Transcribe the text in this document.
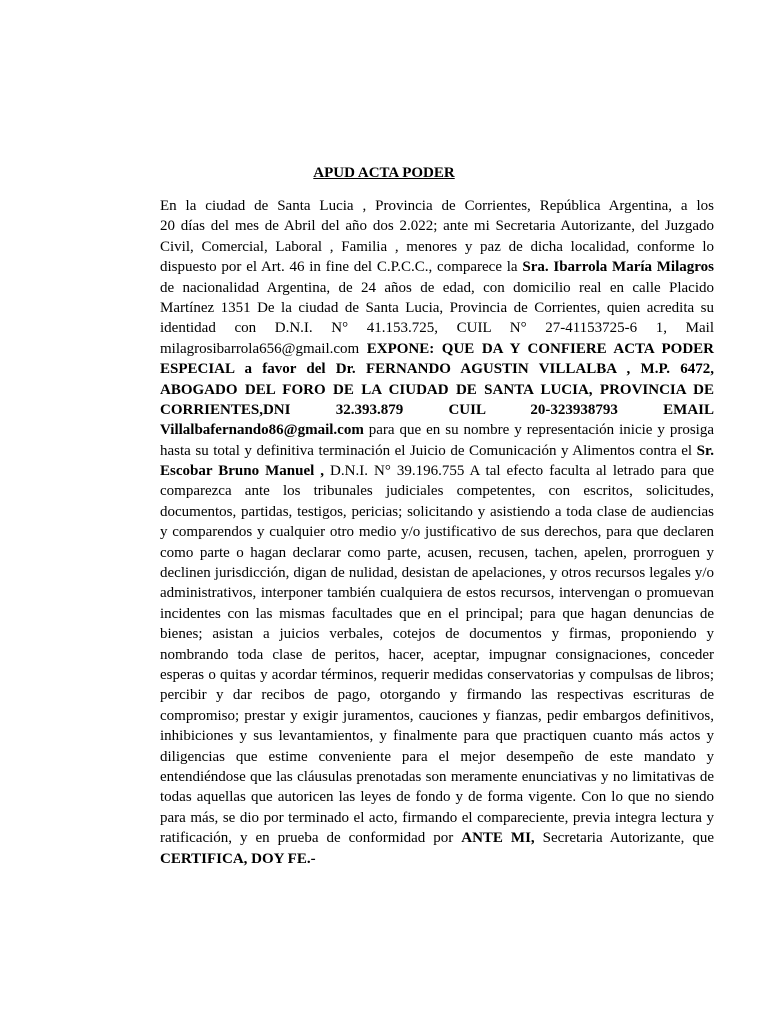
APUD ACTA PODER
En la ciudad de Santa Lucia , Provincia de Corrientes, República Argentina, a los
20 días del mes de Abril del año dos 2.022; ante mi Secretaria Autorizante, del Juzgado
Civil, Comercial, Laboral , Familia , menores y paz de dicha localidad, conforme lo
dispuesto por el Art. 46 in fine del C.P.C.C., comparece la Sra. Ibarrola María Milagros
de nacionalidad Argentina, de 24 años de edad, con domicilio real en calle Placido
Martínez 1351 De la ciudad de Santa Lucia, Provincia de Corrientes, quien acredita su
identidad con D.N.I. N° 41.153.725, CUIL N° 27-41153725-6 1, Mail
milagrosibarrola656@gmail.com EXPONE: QUE DA Y CONFIERE ACTA PODER
ESPECIAL a favor del Dr. FERNANDO AGUSTIN VILLALBA , M.P. 6472,
ABOGADO DEL FORO DE LA CIUDAD DE SANTA LUCIA, PROVINCIA DE
CORRIENTES,DNI 32.393.879 CUIL 20-323938793 EMAIL
Villalbafernando86@gmail.com para que en su nombre y representación inicie y prosiga
hasta su total y definitiva terminación el Juicio de Comunicación y Alimentos contra el Sr.
Escobar Bruno Manuel , D.N.I. N° 39.196.755 A tal efecto faculta al letrado para que
comparezca ante los tribunales judiciales competentes, con escritos, solicitudes,
documentos, partidas, testigos, pericias; solicitando y asistiendo a toda clase de audiencias
y comparendos y cualquier otro medio y/o justificativo de sus derechos, para que declaren
como parte o hagan declarar como parte, acusen, recusen, tachen, apelen, prorroguen y
declinen jurisdicción, digan de nulidad, desistan de apelaciones, y otros recursos legales y/o
administrativos, interponer también cualquiera de estos recursos, intervengan o promuevan
incidentes con las mismas facultades que en el principal; para que hagan denuncias de
bienes; asistan a juicios verbales, cotejos de documentos y firmas, proponiendo y
nombrando toda clase de peritos, hacer, aceptar, impugnar consignaciones, conceder
esperas o quitas y acordar términos, requerir medidas conservatorias y compulsas de libros;
percibir y dar recibos de pago, otorgando y firmando las respectivas escrituras de
compromiso; prestar y exigir juramentos, cauciones y fianzas, pedir embargos definitivos,
inhibiciones y sus levantamientos, y finalmente para que practiquen cuanto más actos y
diligencias que estime conveniente para el mejor desempeño de este mandato y
entendiéndose que las cláusulas prenotadas son meramente enunciativas y no limitativas de
todas aquellas que autoricen las leyes de fondo y de forma vigente. Con lo que no siendo
para más, se dio por terminado el acto, firmando el compareciente, previa integra lectura y
ratificación, y en prueba de conformidad por ANTE MI, Secretaria Autorizante, que
CERTIFICA, DOY FE.-
